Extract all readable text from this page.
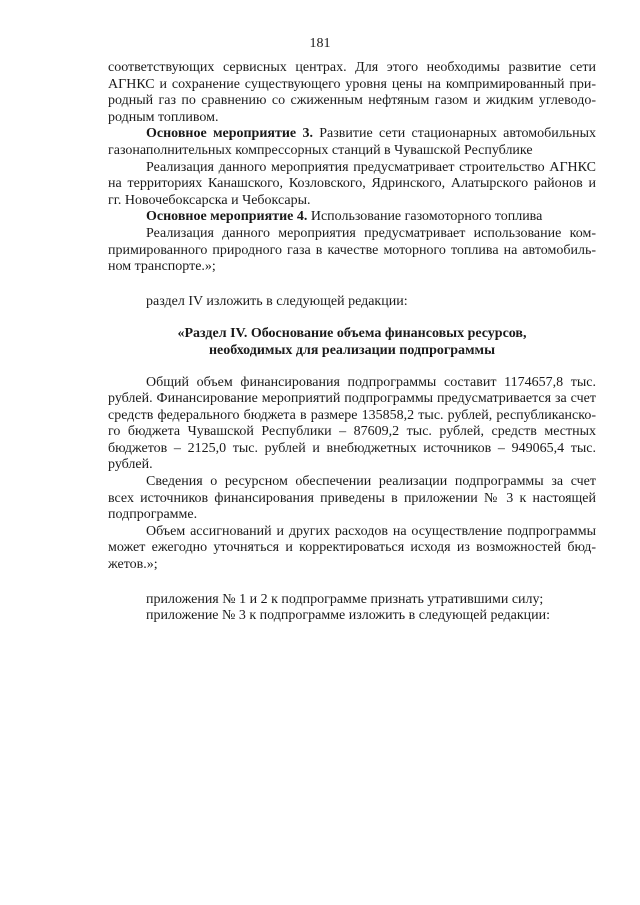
181
соответствующих сервисных центрах. Для этого необходимы развитие сети
АГНКС и сохранение существующего уровня цены на компримированный при-
родный газ по сравнению со сжиженным нефтяным газом и жидким углеводо-
родным топливом.
Основное мероприятие 3. Развитие сети стационарных автомобильных
газонаполнительных компрессорных станций в Чувашской Республике
Реализация данного мероприятия предусматривает строительство АГНКС
на территориях Канашского, Козловского, Ядринского, Алатырского районов и
гг. Новочебоксарска и Чебоксары.
Основное мероприятие 4. Использование газомоторного топлива
Реализация данного мероприятия предусматривает использование ком-
примированного природного газа в качестве моторного топлива на автомобиль-
ном транспорте.»;
раздел IV изложить в следующей редакции:
«Раздел IV. Обоснование объема финансовых ресурсов,
необходимых для реализации подпрограммы
Общий объем финансирования подпрограммы составит 1174657,8 тыс.
рублей. Финансирование мероприятий подпрограммы предусматривается за счет
средств федерального бюджета в размере 135858,2 тыс. рублей, республиканско-
го бюджета Чувашской Республики – 87609,2 тыс. рублей, средств местных
бюджетов – 2125,0 тыс. рублей и внебюджетных источников – 949065,4 тыс.
рублей.
Сведения о ресурсном обеспечении реализации подпрограммы за счет
всех источников финансирования приведены в приложении № 3 к настоящей
подпрограмме.
Объем ассигнований и других расходов на осуществление подпрограммы
может ежегодно уточняться и корректироваться исходя из возможностей бюд-
жетов.»;
приложения № 1 и 2 к подпрограмме признать утратившими силу;
приложение № 3 к подпрограмме изложить в следующей редакции:
